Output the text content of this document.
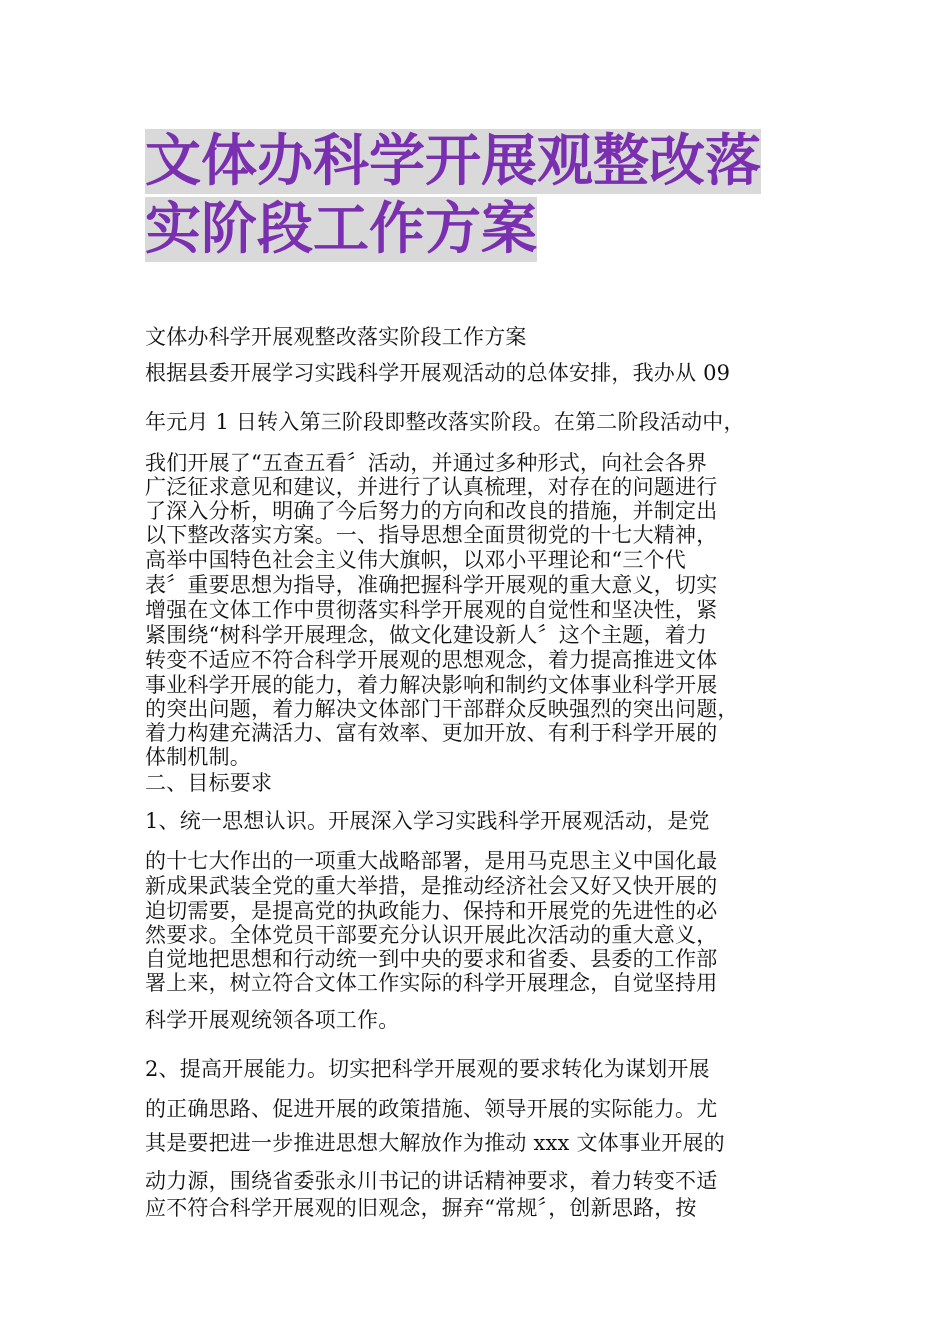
文体办科学开展观整改落
实阶段工作方案
文体办科学开展观整改落实阶段工作方案
根据县委开展学习实践科学开展观活动的总体安排，我办从 09
年元月 1 日转入第三阶段即整改落实阶段。在第二阶段活动中，
我们开展了“五查五看〞活动，并通过多种形式，向社会各界
广泛征求意见和建议，并进行了认真梳理，对存在的问题进行
了深入分析，明确了今后努力的方向和改良的措施，并制定出
以下整改落实方案。一、指导思想全面贯彻党的十七大精神，
高举中国特色社会主义伟大旗帜，以邓小平理论和“三个代
表〞重要思想为指导，准确把握科学开展观的重大意义，切实
增强在文体工作中贯彻落实科学开展观的自觉性和坚决性，紧
紧围绕“树科学开展理念，做文化建设新人〞这个主题，着力
转变不适应不符合科学开展观的思想观念，着力提高推进文体
事业科学开展的能力，着力解决影响和制约文体事业科学开展
的突出问题，着力解决文体部门干部群众反映强烈的突出问题，
着力构建充满活力、富有效率、更加开放、有利于科学开展的
体制机制。
二、目标要求
1、统一思想认识。开展深入学习实践科学开展观活动，是党
的十七大作出的一项重大战略部署，是用马克思主义中国化最
新成果武装全党的重大举措，是推动经济社会又好又快开展的
迫切需要，是提高党的执政能力、保持和开展党的先进性的必
然要求。全体党员干部要充分认识开展此次活动的重大意义，
自觉地把思想和行动统一到中央的要求和省委、县委的工作部
署上来，树立符合文体工作实际的科学开展理念，自觉坚持用
科学开展观统领各项工作。
2、提高开展能力。切实把科学开展观的要求转化为谋划开展
的正确思路、促进开展的政策措施、领导开展的实际能力。尤
其是要把进一步推进思想大解放作为推动 xxx 文体事业开展的
动力源，围绕省委张永川书记的讲话精神要求，着力转变不适
应不符合科学开展观的旧观念，摒弃“常规〞，创新思路，按
